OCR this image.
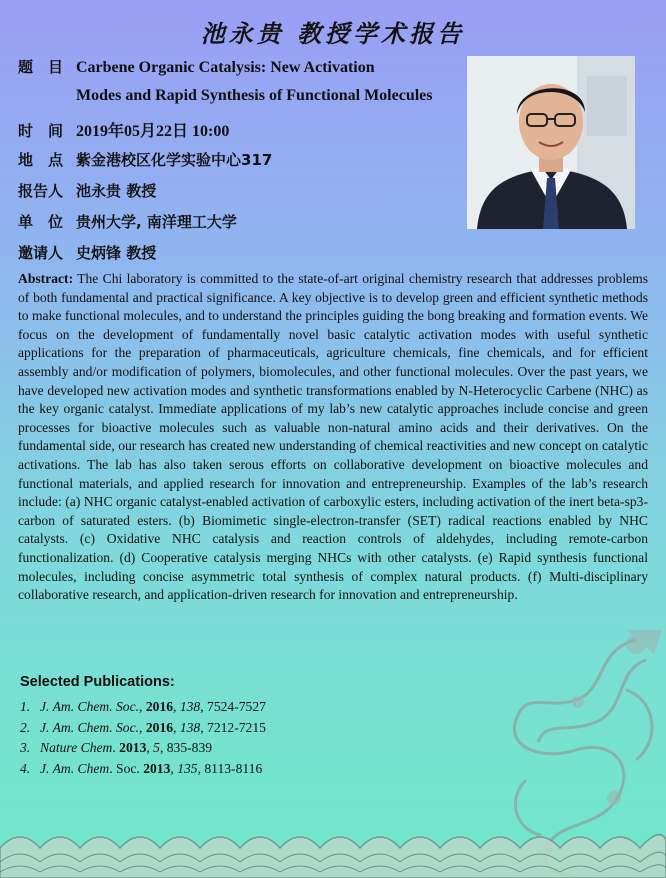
池永贵 教授学术报告
题　目 Carbene Organic Catalysis: New Activation
Modes and Rapid Synthesis of Functional Molecules
时　间 2019年05月22日 10:00
地　点 紫金港校区化学实验中心317
报告人 池永贵 教授
单　位 贵州大学, 南洋理工大学
邀请人 史炳锋 教授
Abstract: The Chi laboratory is committed to the state-of-art original chemistry research that addresses problems of both fundamental and practical significance. A key objective is to develop green and efficient synthetic methods to make functional molecules, and to understand the principles guiding the bong breaking and formation events. We focus on the development of fundamentally novel basic catalytic activation modes with useful synthetic applications for the preparation of pharmaceuticals, agriculture chemicals, fine chemicals, and for efficient assembly and/or modification of polymers, biomolecules, and other functional molecules. Over the past years, we have developed new activation modes and synthetic transformations enabled by N-Heterocyclic Carbene (NHC) as the key organic catalyst. Immediate applications of my lab’s new catalytic approaches include concise and green processes for bioactive molecules such as valuable non-natural amino acids and their derivatives. On the fundamental side, our research has created new understanding of chemical reactivities and new concept on catalytic activations. The lab has also taken serous efforts on collaborative development on bioactive molecules and functional materials, and applied research for innovation and entrepreneurship. Examples of the lab’s research include: (a) NHC organic catalyst-enabled activation of carboxylic esters, including activation of the inert beta-sp3-carbon of saturated esters. (b) Biomimetic single-electron-transfer (SET) radical reactions enabled by NHC catalysts. (c) Oxidative NHC catalysis and reaction controls of aldehydes, including remote-carbon functionalization. (d) Cooperative catalysis merging NHCs with other catalysts. (e) Rapid synthesis functional molecules, including concise asymmetric total synthesis of complex natural products. (f) Multi-disciplinary collaborative research, and application-driven research for innovation and entrepreneurship.
Selected Publications:
1. J. Am. Chem. Soc., 2016, 138, 7524-7527
2. J. Am. Chem. Soc., 2016, 138, 7212-7215
3. Nature Chem. 2013, 5, 835-839
4. J. Am. Chem. Soc. 2013, 135, 8113-8116
